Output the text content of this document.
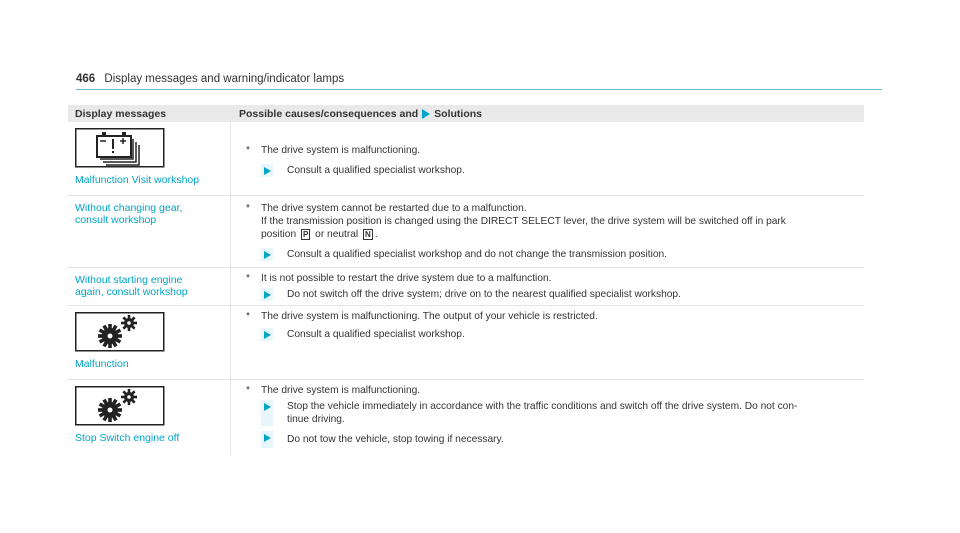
466 Display messages and warning/indicator lamps
Display messages	Possible causes/consequences and Solutions
Malfunction Visit workshop
* The drive system is malfunctioning.
Consult a qualified specialist workshop.
Without changing gear,
consult workshop
* The drive system cannot be restarted due to a malfunction.
If the transmission position is changed using the DIRECT SELECT lever, the drive system will be switched off in park
position P or neutral N .
Consult a qualified specialist workshop and do not change the transmission position.
Without starting engine
again, consult workshop
* It is not possible to restart the drive system due to a malfunction.
Do not switch off the drive system; drive on to the nearest qualified specialist workshop.
Malfunction
* The drive system is malfunctioning. The output of your vehicle is restricted.
Consult a qualified specialist workshop.
Stop Switch engine off
* The drive system is malfunctioning.
Stop the vehicle immediately in accordance with the traffic conditions and switch off the drive system. Do not con-
tinue driving.
Do not tow the vehicle, stop towing if necessary.
